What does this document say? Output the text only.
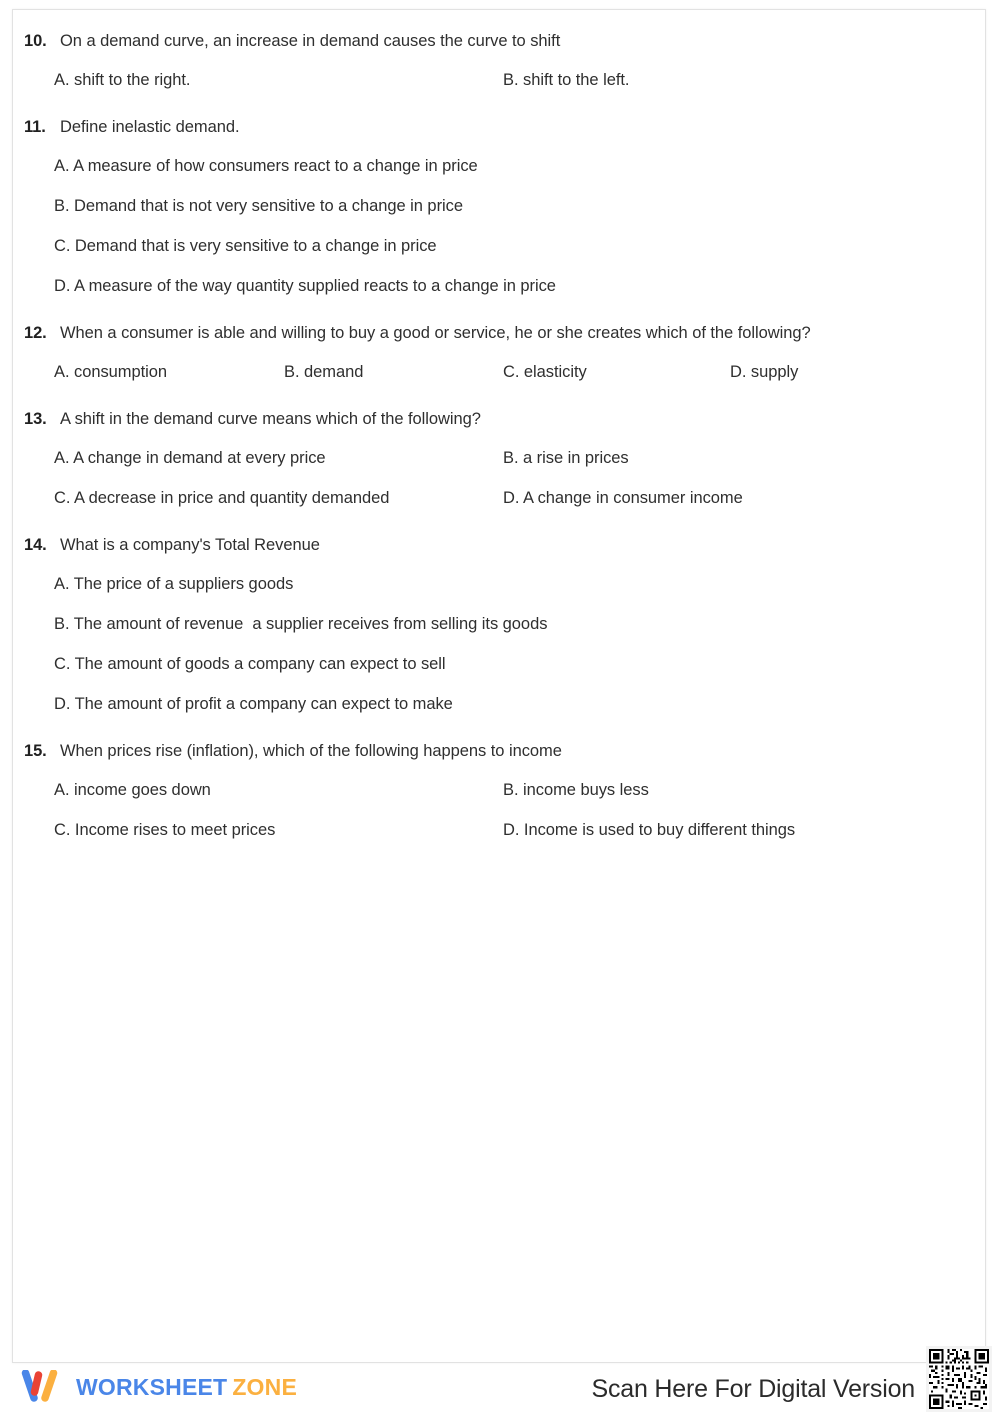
10. On a demand curve, an increase in demand causes the curve to shift
A. shift to the right.	B. shift to the left.
11. Define inelastic demand.
A. A measure of how consumers react to a change in price
B. Demand that is not very sensitive to a change in price
C. Demand that is very sensitive to a change in price
D. A measure of the way quantity supplied reacts to a change in price
12. When a consumer is able and willing to buy a good or service, he or she creates which of the following?
A. consumption	B. demand	C. elasticity	D. supply
13. A shift in the demand curve means which of the following?
A. A change in demand at every price	B. a rise in prices
C. A decrease in price and quantity demanded	D. A change in consumer income
14. What is a company's Total Revenue
A. The price of a suppliers goods
B. The amount of revenue  a supplier receives from selling its goods
C. The amount of goods a company can expect to sell
D. The amount of profit a company can expect to make
15. When prices rise (inflation), which of the following happens to income
A. income goes down	B. income buys less
C. Income rises to meet prices	D. Income is used to buy different things
WORKSHEET ZONE	Scan Here For Digital Version
